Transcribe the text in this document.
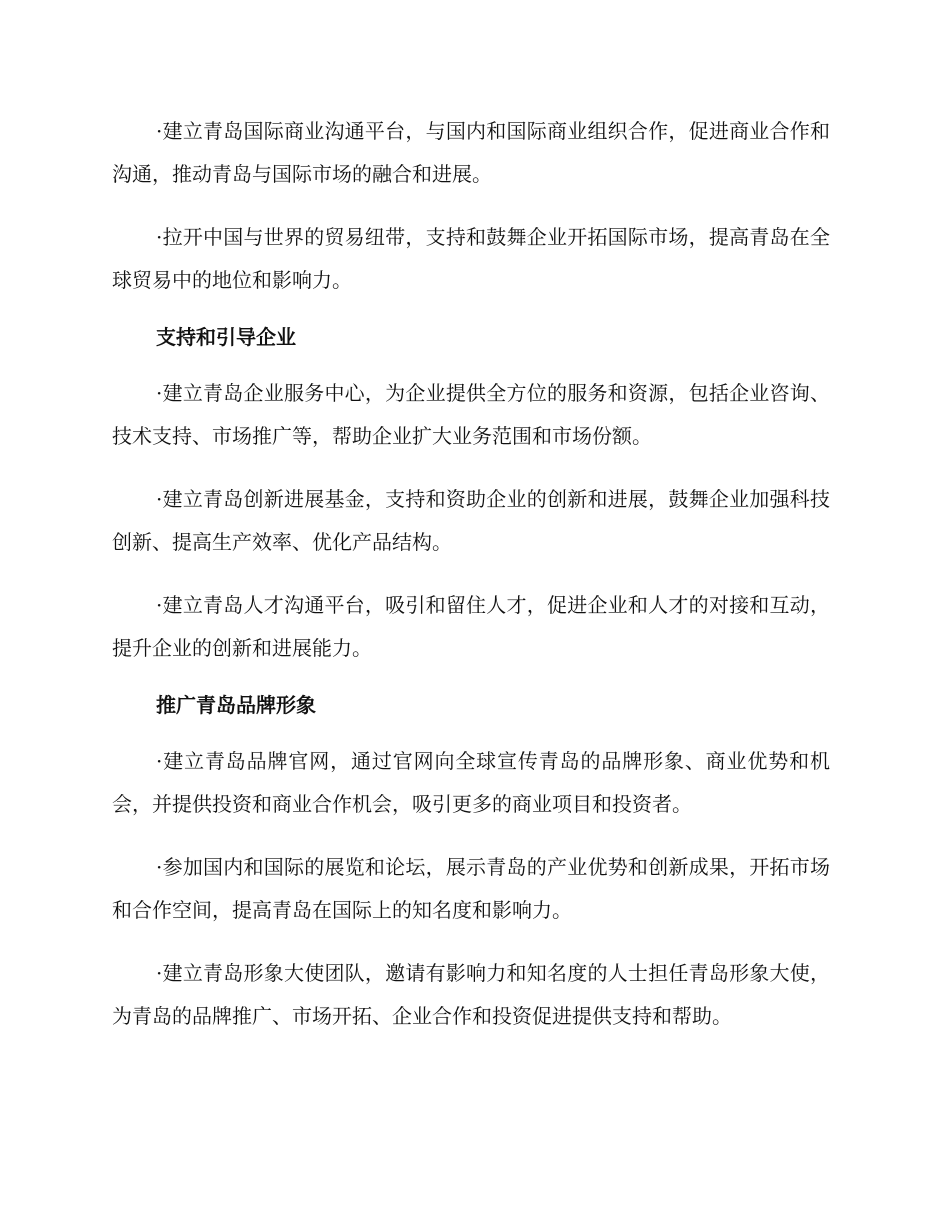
·建立青岛国际商业沟通平台，与国内和国际商业组织合作，促进商业合作和沟通，推动青岛与国际市场的融合和进展。

·拉开中国与世界的贸易纽带，支持和鼓舞企业开拓国际市场，提高青岛在全球贸易中的地位和影响力。

支持和引导企业

·建立青岛企业服务中心，为企业提供全方位的服务和资源，包括企业咨询、技术支持、市场推广等，帮助企业扩大业务范围和市场份额。

·建立青岛创新进展基金，支持和资助企业的创新和进展，鼓舞企业加强科技创新、提高生产效率、优化产品结构。

·建立青岛人才沟通平台，吸引和留住人才，促进企业和人才的对接和互动，提升企业的创新和进展能力。

推广青岛品牌形象

·建立青岛品牌官网，通过官网向全球宣传青岛的品牌形象、商业优势和机会，并提供投资和商业合作机会，吸引更多的商业项目和投资者。

·参加国内和国际的展览和论坛，展示青岛的产业优势和创新成果，开拓市场和合作空间，提高青岛在国际上的知名度和影响力。

·建立青岛形象大使团队，邀请有影响力和知名度的人士担任青岛形象大使，为青岛的品牌推广、市场开拓、企业合作和投资促进提供支持和帮助。
